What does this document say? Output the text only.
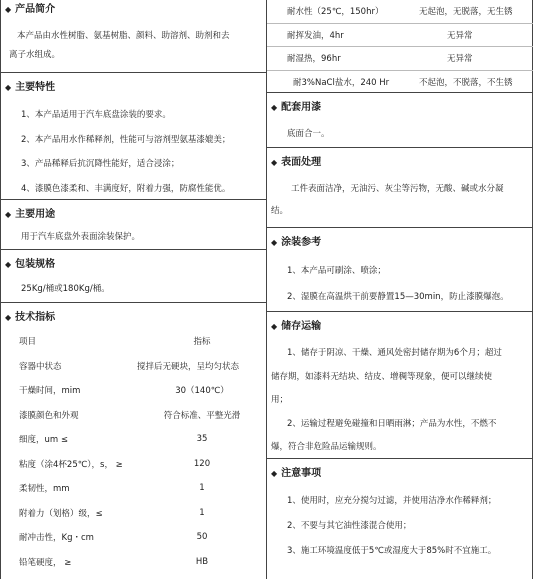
◆ 产品简介
本产品由水性树脂、氨基树脂、颜料、助溶剂、助剂和去
离子水组成。
◆ 主要特性
1、本产品适用于汽车底盘涂装的要求。
2、本产品用水作稀释剂，性能可与溶剂型氨基漆媲美；
3、产品稀释后抗沉降性能好，适合浸涂；
4、漆膜色漆柔和、丰满度好，附着力强，防腐性能优。
◆ 主要用途
用于汽车底盘外表面涂装保护。
◆ 包装规格
25Kg/桶或180Kg/桶。
◆ 技术指标
项目	指标
容器中状态	搅拌后无硬块，呈均匀状态
干燥时间，mim	30（140℃）
漆膜颜色和外观	符合标准、平整光滑
细度，um ≤	35
粘度（涂4杯25℃），s， ≥	120
柔韧性，mm	1
附着力（划格）级，≤	1
耐冲击性，Kg・cm	50
铅笔硬度， ≥	HB
耐水性（25℃，150hr）	无起泡，无脱落，无生锈
耐挥发油，4hr	无异常
耐湿热，96hr	无异常
耐3%NaCl盐水，240 Hr	不起泡，不脱落，不生锈
◆ 配套用漆
底面合一。
◆ 表面处理
工件表面洁净，无油污、灰尘等污物，无酸、碱或水分凝
结。
◆ 涂装参考
1、本产品可刷涂、喷涂；
2、湿膜在高温烘干前要静置15—30min，防止漆膜爆泡。
◆ 储存运输
1、储存于阴凉、干燥、通风处密封储存期为6个月；超过
储存期，如漆料无结块、结皮、增稠等现象，便可以继续使
用；
2、运输过程避免碰撞和日晒雨淋；产品为水性，不燃不
爆，符合非危险品运输规则。
◆ 注意事项
1、使用时，应充分搅匀过滤，并使用洁净水作稀释剂；
2、不要与其它油性漆混合使用；
3、施工环境温度低于5℃或湿度大于85%时不宜施工。
